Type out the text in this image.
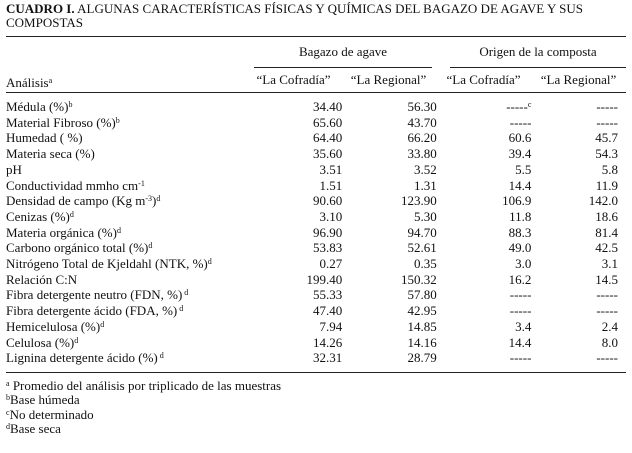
CUADRO I. ALGUNAS CARACTERÍSTICAS FÍSICAS Y QUÍMICAS DEL BAGAZO DE AGAVE Y SUS
COMPOSTAS

	Bagazo de agave		Origen de la composta	

Análisis$^a$	“La Cofradía”	“La Regional”	“La Cofradía”	“La Regional”

Médula (%)$^b$	34.40	56.30	-----$^c$	-----
Material Fibroso (%)$^b$	65.60	43.70	-----	-----
Humedad ( %)	64.40	66.20	60.6	45.7
Materia seca (%)	35.60	33.80	39.4	54.3
pH	3.51	3.52	5.5	5.8
Conductividad mmho $cm^{-1}$	1.51	1.31	14.4	11.9
Densidad de campo (Kg $m^{-3})^d$	90.60	123.90	106.9	142.0
Cenizas (%)$^d$	3.10	5.30	11.8	18.6
Materia orgánica (%)$^d$	96.90	94.70	88.3	81.4
Carbono orgánico total (%)$^d$	53.83	52.61	49.0	42.5
Nitrógeno Total de Kjeldahl (NTK, %)$^d$	0.27	0.35	3.0	3.1
Relación C:N	199.40	150.32	16.2	14.5
Fibra detergente neutro (FDN, %) $^d$	55.33	57.80	-----	-----
Fibra detergente ácido (FDA, %) $^d$	47.40	42.95	-----	-----
Hemicelulosa (%)$^d$	7.94	14.85	3.4	2.4
Celulosa (%)$^d$	14.26	14.16	14.4	8.0
Lignina detergente ácido (%) $^d$	32.31	28.79	-----	-----
$^a$ Promedio del análisis por triplicado de las muestras
$^b$Base húmeda
$^c$No determinado
$^d$Base seca
